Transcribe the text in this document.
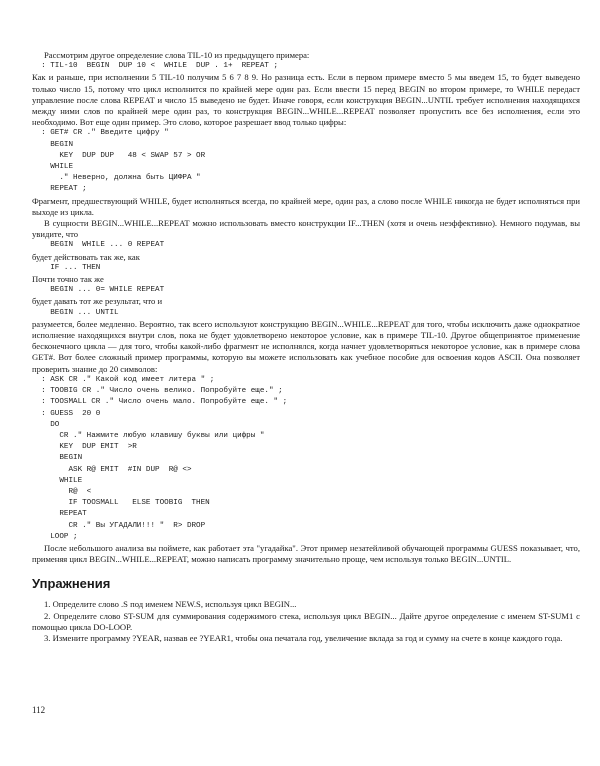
Рассмотрим другое определение слова TIL-10 из предыдущего примера:

: TIL-10  BEGIN  DUP 10 <  WHILE  DUP . 1+  REPEAT ;

Как и раньше, при исполнении 5 TIL-10 получим 5 6 7 8 9. Но разница есть. Если в первом примере вместо 5 мы введем 15, то будет выведено только число 15, потому что цикл исполнится по крайней мере один раз. Если ввести 15 перед BEGIN во втором примере, то WHILE передаст управление после слова REPEAT и число 15 выведено не будет. Иначе говоря, если конструкция BEGIN...UNTIL требует исполнения находящихся между ними слов по крайней мере один раз, то конструкция BEGIN...WHILE...REPEAT позволяет пропустить все без исполнения, если это необходимо. Вот еще один пример. Это слово, которое разрешает ввод только цифры:

: GET# CR ." Введите цифру "
BEGIN
KEY  DUP DUP   48 < SWAP 57 > OR
WHILE
." Неверно, должна быть ЦИФРА "
REPEAT ;

Фрагмент, предшествующий WHILE, будет исполняться всегда, по крайней мере, один раз, а слово после WHILE никогда не будет исполняться при выходе из цикла.

В сущности BEGIN...WHILE...REPEAT можно использовать вместо конструкции IF...THEN (хотя и очень неэффективно). Немного подумав, вы увидите, что

BEGIN  WHILE ... 0 REPEAT

будет действовать так же, как

IF ... THEN

Почти точно так же

BEGIN ... 0= WHILE REPEAT

будет давать тот же результат, что и

BEGIN ... UNTIL

разумеется, более медленно. Вероятно, так всего используют конструкцию BEGIN...WHILE...REPEAT для того, чтобы исключить даже однократное исполнение находящихся внутри слов, пока не будет удовлетворено некоторое условие, как в примере TIL-10. Другое общепринятое применение бесконечного цикла — для того, чтобы какой-либо фрагмент не исполнялся, когда начнет удовлетворяться некоторое условие, как в примере слова GET#. Вот более сложный пример программы, которую вы можете использовать как учебное пособие для освоения кодов ASCII. Она позволяет проверить знание до 20 символов:

: ASK CR ." Какой код имеет литера " ;
: TOOBIG CR ." Число очень велико. Попробуйте еще." ;
: TOOSMALL CR ." Число очень мало. Попробуйте еще. " ;
: GUESS  20 0
DO
CR ." Нажмите любую клавишу буквы или цифры "
KEY  DUP EMIT  >R
BEGIN
ASK R@ EMIT  #IN DUP  R@ <>
WHILE
R@  <
IF TOOSMALL   ELSE TOOBIG  THEN
REPEAT
CR ." Вы УГАДАЛИ!!! "  R> DROP
LOOP ;

После небольшого анализа вы поймете, как работает эта "угадайка". Этот пример незатейливой обучающей программы GUESS показывает, что, применяя цикл BEGIN...WHILE...REPEAT, можно написать программу значительно проще, чем используя только BEGIN...UNTIL.

Упражнения

1. Определите слово .S под именем NEW.S, используя цикл BEGIN...

2. Определите слово ST-SUM для суммирования содержимого стека, используя цикл BEGIN... Дайте другое определение с именем ST-SUM1 с помощью цикла DO-LOOP.

3. Измените программу ?YEAR, назвав ее ?YEAR1, чтобы она печатала год, увеличение вклада за год и сумму на счете в конце каждого года.

112
